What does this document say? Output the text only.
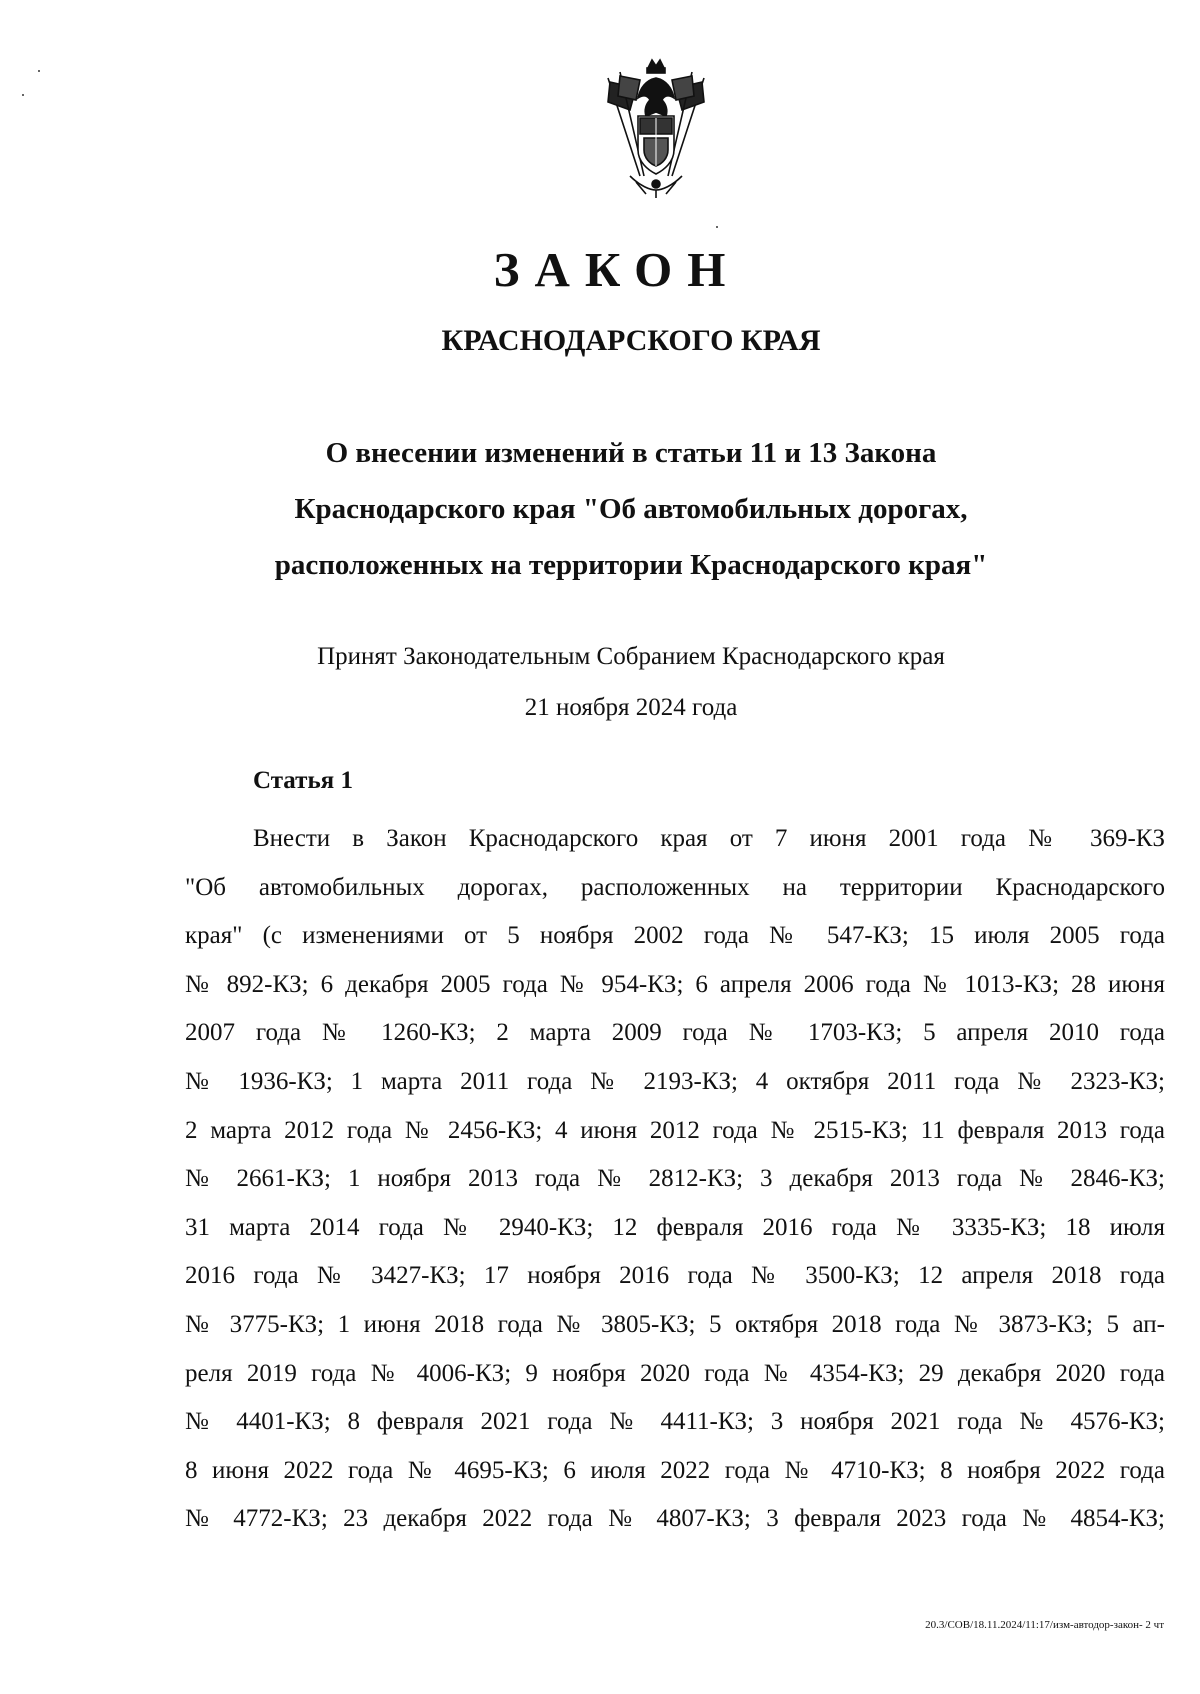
ЗАКОН
КРАСНОДАРСКОГО КРАЯ
О внесении изменений в статьи 11 и 13 Закона
Краснодарского края "Об автомобильных дорогах,
расположенных на территории Краснодарского края"
Принят Законодательным Собранием Краснодарского края
21 ноября 2024 года
Статья 1
Внести в Закон Краснодарского края от 7 июня 2001 года № 369-КЗ
"Об автомобильных дорогах, расположенных на территории Краснодарского
края" (с изменениями от 5 ноября 2002 года № 547-КЗ; 15 июля 2005 года
№ 892-КЗ; 6 декабря 2005 года № 954-КЗ; 6 апреля 2006 года № 1013-КЗ; 28 июня
2007 года № 1260-КЗ; 2 марта 2009 года № 1703-КЗ; 5 апреля 2010 года
№ 1936-КЗ; 1 марта 2011 года № 2193-КЗ; 4 октября 2011 года № 2323-КЗ;
2 марта 2012 года № 2456-КЗ; 4 июня 2012 года № 2515-КЗ; 11 февраля 2013 года
№ 2661-КЗ; 1 ноября 2013 года № 2812-КЗ; 3 декабря 2013 года № 2846-КЗ;
31 марта 2014 года № 2940-КЗ; 12 февраля 2016 года № 3335-КЗ; 18 июля
2016 года № 3427-КЗ; 17 ноября 2016 года № 3500-КЗ; 12 апреля 2018 года
№ 3775-КЗ; 1 июня 2018 года № 3805-КЗ; 5 октября 2018 года № 3873-КЗ; 5 ап-
реля 2019 года № 4006-КЗ; 9 ноября 2020 года № 4354-КЗ; 29 декабря 2020 года
№ 4401-КЗ; 8 февраля 2021 года № 4411-КЗ; 3 ноября 2021 года № 4576-КЗ;
8 июня 2022 года № 4695-КЗ; 6 июля 2022 года № 4710-КЗ; 8 ноября 2022 года
№ 4772-КЗ; 23 декабря 2022 года № 4807-КЗ; 3 февраля 2023 года № 4854-КЗ;
20.3/СОВ/18.11.2024/11:17/изм-автодор-закон- 2 чт
